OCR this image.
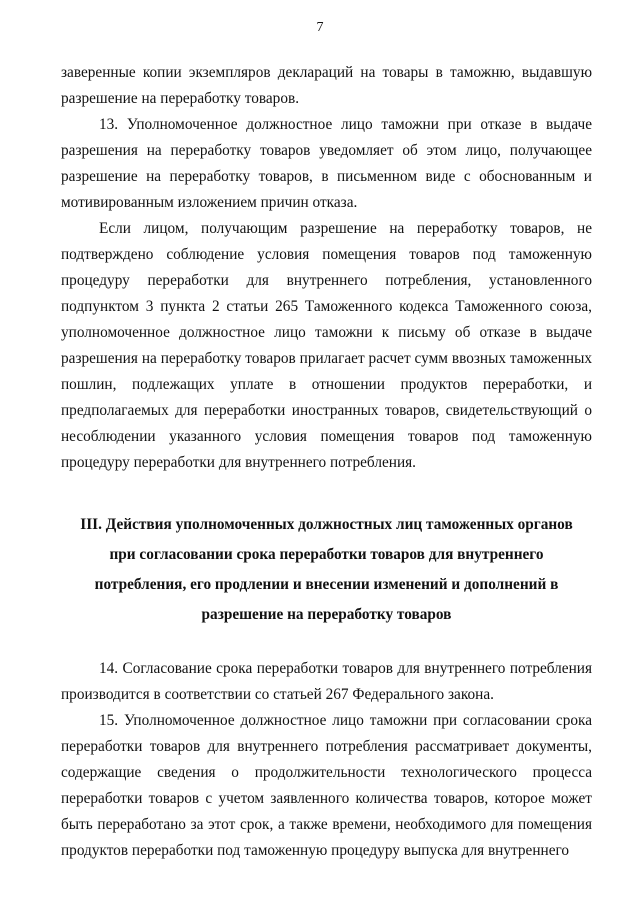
7

заверенные копии экземпляров деклараций на товары в таможню, выдавшую разрешение на переработку товаров.

13. Уполномоченное должностное лицо таможни при отказе в выдаче разрешения на переработку товаров уведомляет об этом лицо, получающее разрешение на переработку товаров, в письменном виде с обоснованным и мотивированным изложением причин отказа.

Если лицом, получающим разрешение на переработку товаров, не подтверждено соблюдение условия помещения товаров под таможенную процедуру переработки для внутреннего потребления, установленного подпунктом 3 пункта 2 статьи 265 Таможенного кодекса Таможенного союза, уполномоченное должностное лицо таможни к письму об отказе в выдаче разрешения на переработку товаров прилагает расчет сумм ввозных таможенных пошлин, подлежащих уплате в отношении продуктов переработки, и предполагаемых для переработки иностранных товаров, свидетельствующий о несоблюдении указанного условия помещения товаров под таможенную процедуру переработки для внутреннего потребления.

III. Действия уполномоченных должностных лиц таможенных органов при согласовании срока переработки товаров для внутреннего потребления, его продлении и внесении изменений и дополнений в разрешение на переработку товаров

14. Согласование срока переработки товаров для внутреннего потребления производится в соответствии со статьей 267 Федерального закона.

15. Уполномоченное должностное лицо таможни при согласовании срока переработки товаров для внутреннего потребления рассматривает документы, содержащие сведения о продолжительности технологического процесса переработки товаров с учетом заявленного количества товаров, которое может быть переработано за этот срок, а также времени, необходимого для помещения продуктов переработки под таможенную процедуру выпуска для внутреннего
